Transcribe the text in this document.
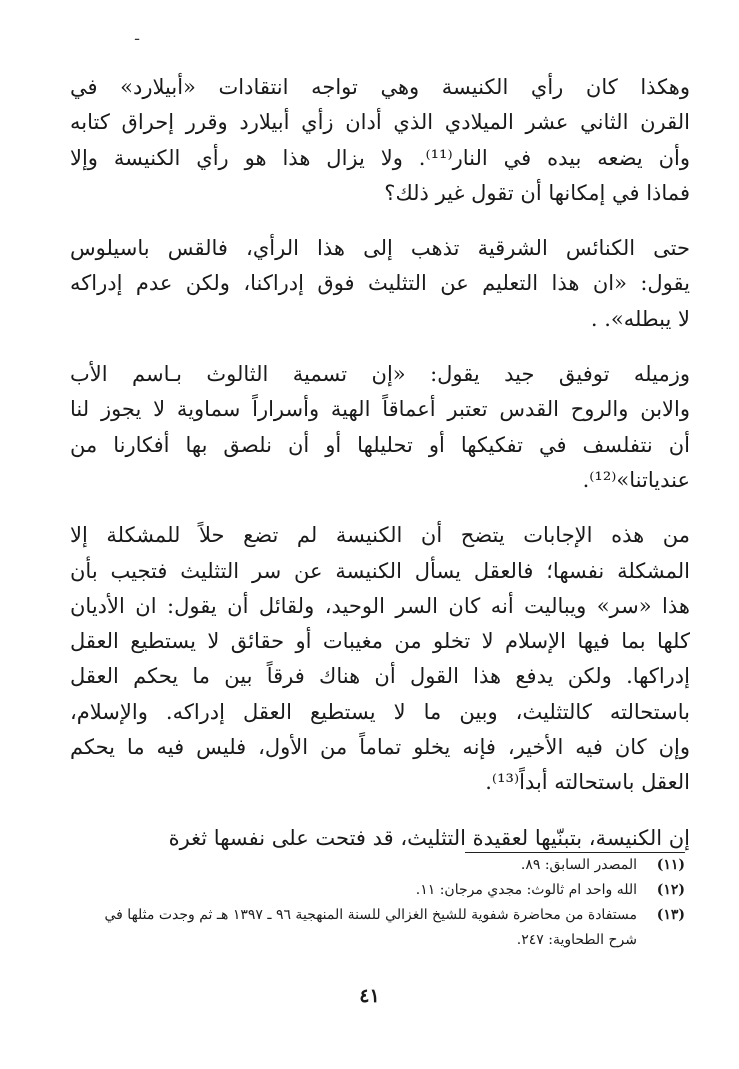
ـ

وهكذا كان رأي الكنيسة وهي تواجه انتقادات «أبيلارد» في
القرن الثاني عشر الميلادي الذي أدان زأي أبيلارد وقرر إحراق كتابه
وأن يضعه بيده في النار⁽¹¹⁾. ولا يزال هذا هو رأي الكنيسة وإلا
فماذا في إمكانها أن تقول غير ذلك؟

حتى الكنائس الشرقية تذهب إلى هذا الرأي، فالقس باسيلوس
يقول: «ان هذا التعليم عن التثليث فوق إدراكنا، ولكن عدم إدراكه
لا يبطله». .

وزميله توفيق جيد يقول: «إن تسمية الثالوث بـاسم الأب
والابن والروح القدس تعتبر أعماقاً الهية وأسراراً سماوية لا يجوز لنا
أن نتفلسف في تفكيكها أو تحليلها أو أن نلصق بها أفكارنا من
عندياتنا»⁽¹²⁾.

من هذه الإجابات يتضح أن الكنيسة لم تضع حلاً للمشكلة إلا
المشكلة نفسها؛ فالعقل يسأل الكنيسة عن سر التثليث فتجيب بأن
هذا «سر» ويباليت أنه كان السر الوحيد، ولقائل أن يقول: ان الأديان
كلها بما فيها الإسلام لا تخلو من مغيبات أو حقائق لا يستطيع العقل
إدراكها. ولكن يدفع هذا القول أن هناك فرقاً بين ما يحكم العقل
باستحالته كالتثليث، وبين ما لا يستطيع العقل إدراكه. والإسلام،
وإن كان فيه الأخير، فإنه يخلو تماماً من الأول، فليس فيه ما يحكم
العقل باستحالته أبداً⁽¹³⁾.

إن الكنيسة، بتبنّيها لعقيدة التثليث، قد فتحت على نفسها ثغرة

(١١)
المصدر السابق: ٨٩.
(١٢)
الله واحد ام ثالوث: مجدي مرجان: ١١.
(١٣)
مستفادة من محاضرة شفوية للشيخ الغزالي للسنة المنهجية ٩٦ ـ ١٣٩٧ هـ ثم وجدت مثلها في شرح الطحاوية: ٢٤٧.
٤١
